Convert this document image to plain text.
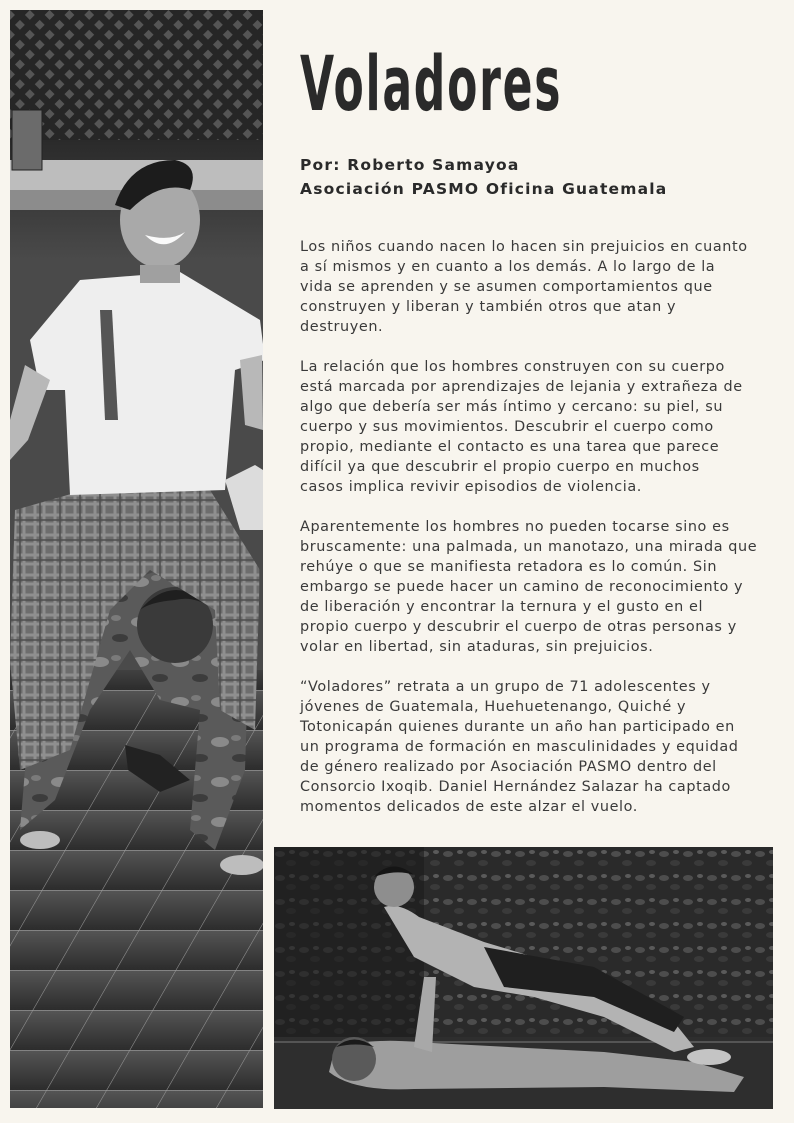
Voladores
Por: Roberto Samayoa
Asociación PASMO Oficina Guatemala
Los niños cuando nacen lo hacen sin prejuicios en cuanto
a sí mismos y en cuanto a los demás. A lo largo de la
vida se aprenden y se asumen comportamientos que
construyen y liberan y también otros que atan y
destruyen.
La relación que los hombres construyen con su cuerpo
está marcada por aprendizajes de lejania y extrañeza de
algo que debería ser más íntimo y cercano: su piel, su
cuerpo y sus movimientos. Descubrir el cuerpo como
propio, mediante el contacto es una tarea que parece
difícil ya que descubrir el propio cuerpo en muchos
casos implica revivir episodios de violencia.
Aparentemente los hombres no pueden tocarse sino es
bruscamente: una palmada, un manotazo, una mirada que
rehúye o que se manifiesta retadora es lo común. Sin
embargo se puede hacer un camino de reconocimiento y
de liberación y encontrar la ternura y el gusto en el
propio cuerpo y descubrir el cuerpo de otras personas y
volar en libertad, sin ataduras, sin prejuicios.
“Voladores” retrata a un grupo de 71 adolescentes y
jóvenes de Guatemala, Huehuetenango, Quiché y
Totonicapán quienes durante un año han participado en
un programa de formación en masculinidades y equidad
de género realizado por Asociación PASMO dentro del
Consorcio Ixoqib. Daniel Hernández Salazar ha captado
momentos delicados de este alzar el vuelo.
